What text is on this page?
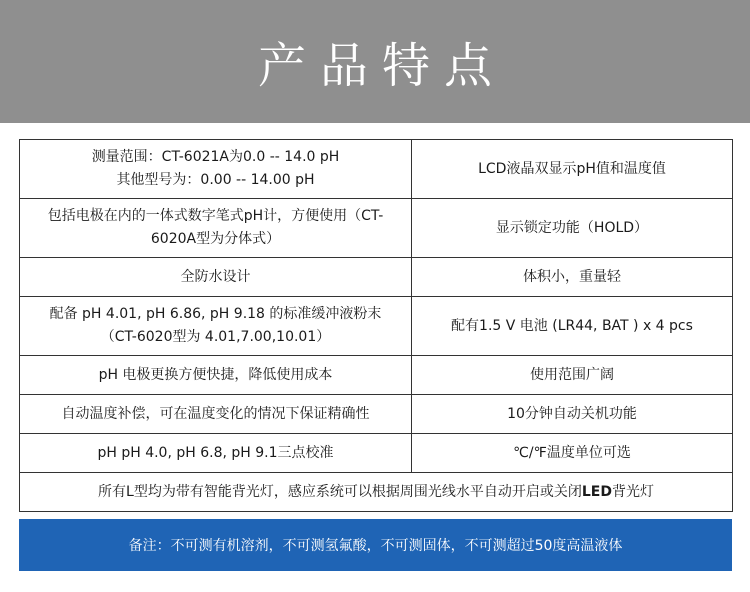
产品特点
测量范围：CT-6021A为0.0 -- 14.0 pH
其他型号为：0.00 -- 14.00 pH	LCD液晶双显示pH值和温度值

包括电极在内的一体式数字笔式pH计，方便使用（CT-
6020A型为分体式）	显示锁定功能（HOLD）

全防水设计	体积小，重量轻

配备 pH 4.01, pH 6.86, pH 9.18 的标准缓冲液粉末
（CT-6020型为 4.01,7.00,10.01）	配有1.5 V 电池 (LR44, BAT ) x 4 pcs

pH 电极更换方便快捷，降低使用成本	使用范围广阔

自动温度补偿，可在温度变化的情况下保证精确性	10分钟自动关机功能

pH pH 4.0, pH 6.8, pH 9.1三点校准	℃/℉温度单位可选

所有L型均为带有智能背光灯，感应系统可以根据周围光线水平自动开启或关闭LED背光灯	
备注：不可测有机溶剂，不可测氢氟酸，不可测固体，不可测超过50度高温液体
